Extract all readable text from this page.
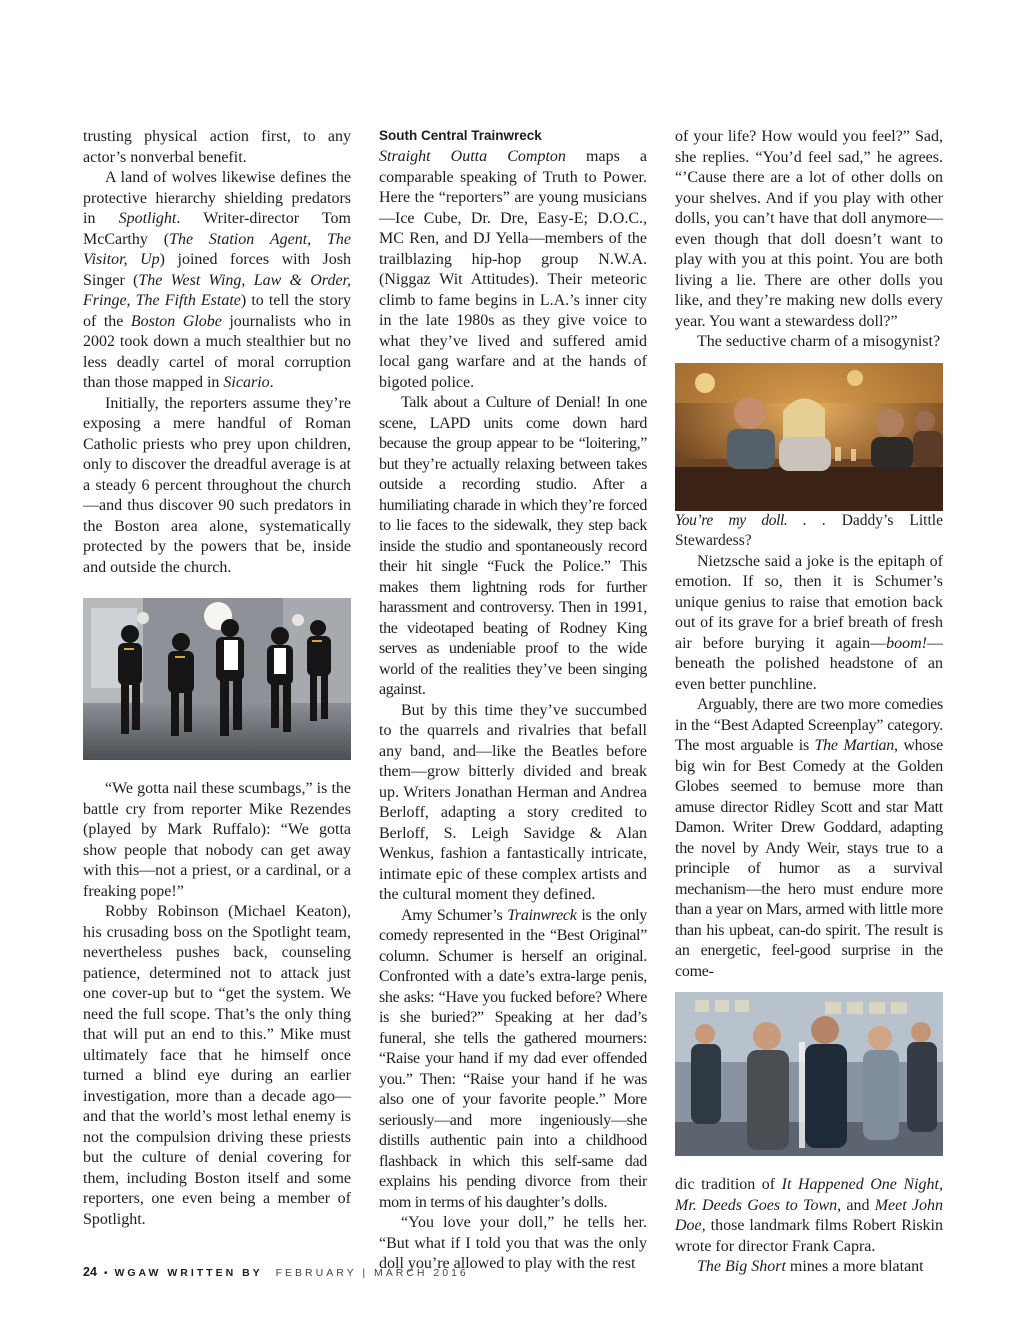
trusting physical action first, to any actor’s nonverbal benefit.

A land of wolves likewise defines the protective hierarchy shielding predators in Spotlight. Writer-director Tom McCarthy (The Station Agent, The Visitor, Up) joined forces with Josh Singer (The West Wing, Law & Order, Fringe, The Fifth Estate) to tell the story of the Boston Globe journalists who in 2002 took down a much stealthier but no less deadly cartel of moral corruption than those mapped in Sicario.

Initially, the reporters assume they’re exposing a mere handful of Roman Catholic priests who prey upon children, only to discover the dreadful average is at a steady 6 percent throughout the church—and thus discover 90 such predators in the Boston area alone, systematically protected by the powers that be, inside and outside the church.

“We gotta nail these scumbags,” is the battle cry from reporter Mike Rezendes (played by Mark Ruffalo): “We gotta show people that nobody can get away with this—not a priest, or a cardinal, or a freaking pope!”

Robby Robinson (Michael Keaton), his crusading boss on the Spotlight team, nevertheless pushes back, counseling patience, determined not to attack just one cover-up but to “get the system. We need the full scope. That’s the only thing that will put an end to this.” Mike must ultimately face that he himself once turned a blind eye during an earlier investigation, more than a decade ago—and that the world’s most lethal enemy is not the compulsion driving these priests but the culture of denial covering for them, including Boston itself and some reporters, one even being a member of Spotlight.

South Central Trainwreck

Straight Outta Compton maps a comparable speaking of Truth to Power. Here the “reporters” are young musicians—Ice Cube, Dr. Dre, Easy-E; D.O.C., MC Ren, and DJ Yella—members of the trailblazing hip-hop group N.W.A. (Niggaz Wit Attitudes). Their meteoric climb to fame begins in L.A.’s inner city in the late 1980s as they give voice to what they’ve lived and suffered amid local gang warfare and at the hands of bigoted police.

Talk about a Culture of Denial! In one scene, LAPD units come down hard because the group appear to be “loitering,” but they’re actually relaxing between takes outside a recording studio. After a humiliating charade in which they’re forced to lie faces to the sidewalk, they step back inside the studio and spontaneously record their hit single “Fuck the Police.” This makes them lightning rods for further harassment and controversy. Then in 1991, the videotaped beating of Rodney King serves as undeniable proof to the wide world of the realities they’ve been singing against.

But by this time they’ve succumbed to the quarrels and rivalries that befall any band, and—like the Beatles before them—grow bitterly divided and break up. Writers Jonathan Herman and Andrea Berloff, adapting a story credited to Berloff, S. Leigh Savidge & Alan Wenkus, fashion a fantastically intricate, intimate epic of these complex artists and the cultural moment they defined.

Amy Schumer’s Trainwreck is the only comedy represented in the “Best Original” column. Schumer is herself an original. Confronted with a date’s extra-large penis, she asks: “Have you fucked before? Where is she buried?” Speaking at her dad’s funeral, she tells the gathered mourners: “Raise your hand if my dad ever offended you.” Then: “Raise your hand if he was also one of your favorite people.” More seriously—and more ingeniously—she distills authentic pain into a childhood flashback in which this self-same dad explains his pending divorce from their mom in terms of his daughter’s dolls.

“You love your doll,” he tells her. “But what if I told you that was the only doll you’re allowed to play with the rest

of your life? How would you feel?” Sad, she replies. “You’d feel sad,” he agrees. “’Cause there are a lot of other dolls on your shelves. And if you play with other dolls, you can’t have that doll anymore—even though that doll doesn’t want to play with you at this point. You are both living a lie. There are other dolls you like, and they’re making new dolls every year. You want a stewardess doll?”

The seductive charm of a misogynist?

You’re my doll. . . Daddy’s Little Stewardess?

Nietzsche said a joke is the epitaph of emotion. If so, then it is Schumer’s unique genius to raise that emotion back out of its grave for a brief breath of fresh air before burying it again—boom!—beneath the polished headstone of an even better punchline.

Arguably, there are two more comedies in the “Best Adapted Screenplay” category. The most arguable is The Martian, whose big win for Best Comedy at the Golden Globes seemed to bemuse more than amuse director Ridley Scott and star Matt Damon. Writer Drew Goddard, adapting the novel by Andy Weir, stays true to a principle of humor as a survival mechanism—the hero must endure more than a year on Mars, armed with little more than his upbeat, can-do spirit. The result is an energetic, feel-good surprise in the come-

dic tradition of It Happened One Night, Mr. Deeds Goes to Town, and Meet John Doe, those landmark films Robert Riskin wrote for director Frank Capra.

The Big Short mines a more blatant

24 • WGAW WRITTEN BY FEBRUARY | MARCH 2016
